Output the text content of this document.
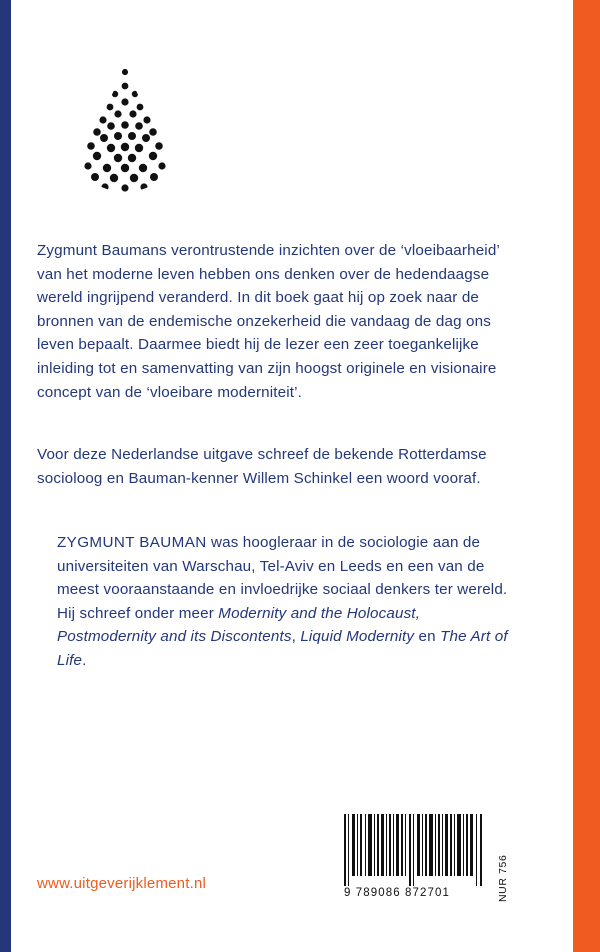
Zygmunt Baumans verontrustende inzichten over de ‘vloeibaarheid’ van het moderne leven hebben ons denken over de hedendaagse wereld ingrijpend veranderd. In dit boek gaat hij op zoek naar de bronnen van de endemische onzekerheid die vandaag de dag ons leven bepaalt. Daarmee biedt hij de lezer een zeer toegankelijke inleiding tot en samenvatting van zijn hoogst originele en visionaire concept van de ‘vloeibare moderniteit’.

Voor deze Nederlandse uitgave schreef de bekende Rotterdamse socioloog en Bauman-kenner Willem Schinkel een woord vooraf.

ZYGMUNT BAUMAN was hoogleraar in de sociologie aan de universiteiten van Warschau, Tel-Aviv en Leeds en een van de meest vooraanstaande en invloedrijke sociaal denkers ter wereld. Hij schreef onder meer Modernity and the Holocaust, Postmodernity and its Discontents, Liquid Modernity en The Art of Life.

9 789086 872701	NUR 756
www.uitgeverijklement.nl
